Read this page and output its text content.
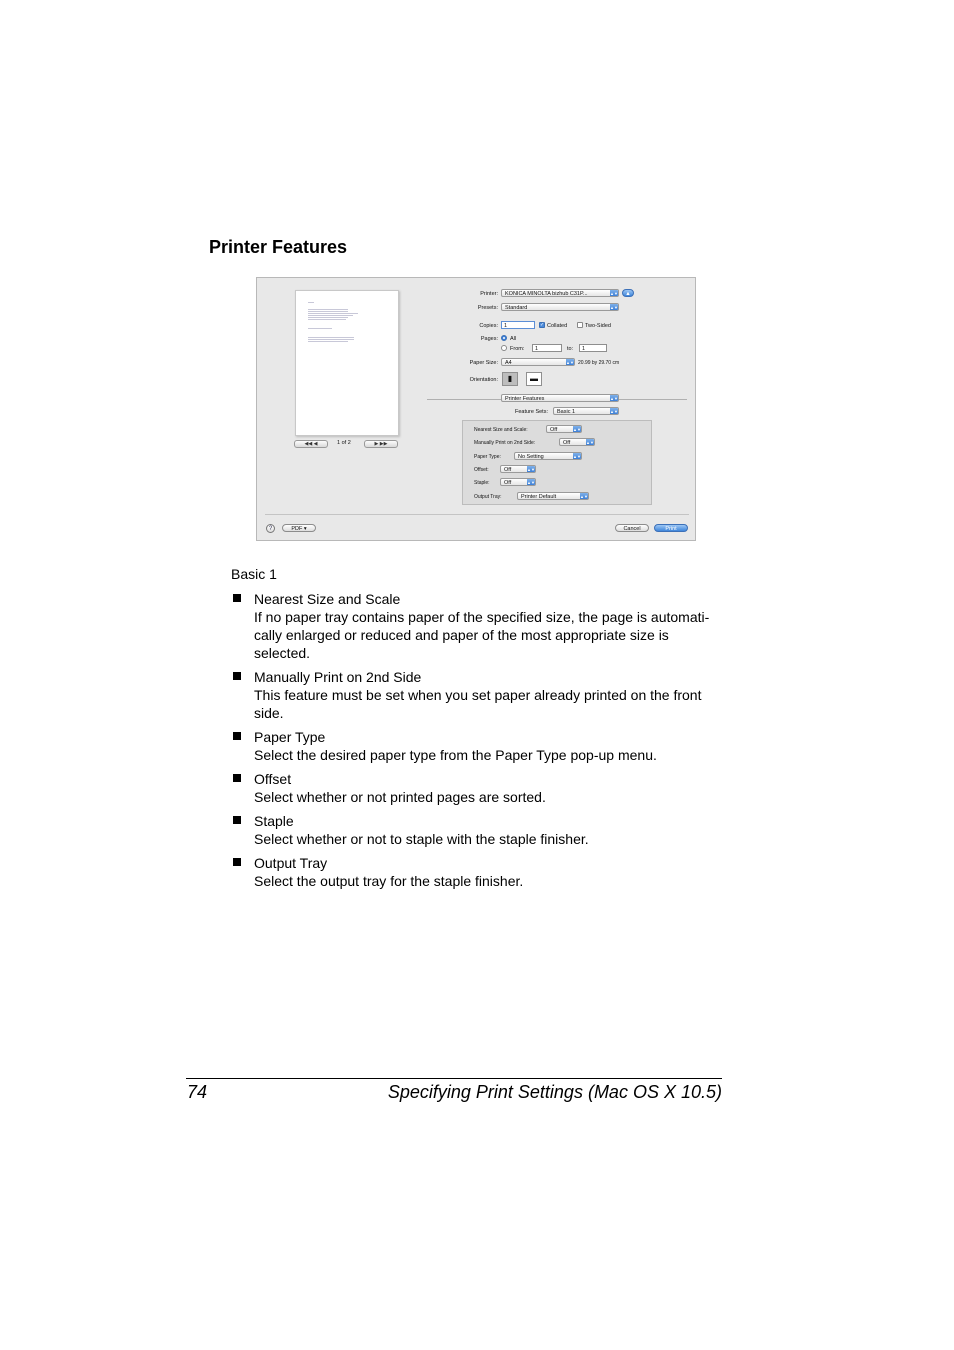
Printer Features
◀◀ ◀	1 of 2	▶ ▶▶
Printer:	KONICA MINOLTA bizhub C31P...	▲▼	▲
Presets:	Standard	▲▼
Copies:	1	✓ Collated	Two-Sided
Pages: All
From:	1	to:	1
Paper Size:	A4	▲▼ 20.99 by 29.70 cm
Orientation:	▮	▬
Printer Features	▲▼
Feature Sets:	Basic 1	▲▼
Nearest Size and Scale:	Off	▲▼
Manually Print on 2nd Side:	Off	▲▼
Paper Type:	No Setting	▲▼
Offset:	Off	▲▼
Staple:	Off	▲▼
Output Tray:	Printer Default	▲▼
?	PDF ▾	Cancel	Print
Basic 1
Nearest Size and Scale
If no paper tray contains paper of the specified size, the page is automati-cally enlarged or reduced and paper of the most appropriate size is selected.
Manually Print on 2nd Side
This feature must be set when you set paper already printed on the front side.
Paper Type
Select the desired paper type from the Paper Type pop-up menu.
Offset
Select whether or not printed pages are sorted.
Staple
Select whether or not to staple with the staple finisher.
Output Tray
Select the output tray for the staple finisher.
74	Specifying Print Settings (Mac OS X 10.5)
